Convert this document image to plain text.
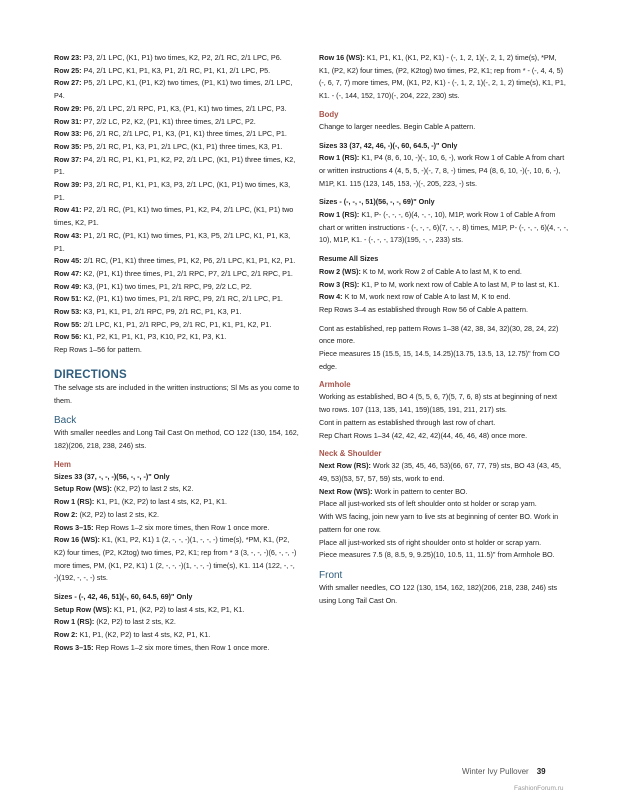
Row 23: P3, 2/1 LPC, (K1, P1) two times, K2, P2, 2/1 RC, 2/1 LPC, P6.

Row 25: P4, 2/1 LPC, K1, P1, K3, P1, 2/1 RC, P1, K1, 2/1 LPC, P5.

Row 27: P5, 2/1 LPC, K1, (P1, K2) two times, (P1, K1) two times, 2/1 LPC, P4.

Row 29: P6, 2/1 LPC, 2/1 RPC, P1, K3, (P1, K1) two times, 2/1 LPC, P3.

Row 31: P7, 2/2 LC, P2, K2, (P1, K1) three times, 2/1 LPC, P2.

Row 33: P6, 2/1 RC, 2/1 LPC, P1, K3, (P1, K1) three times, 2/1 LPC, P1.

Row 35: P5, 2/1 RC, P1, K3, P1, 2/1 LPC, (K1, P1) three times, K3, P1.

Row 37: P4, 2/1 RC, P1, K1, P1, K2, P2, 2/1 LPC, (K1, P1) three times, K2, P1.

Row 39: P3, 2/1 RC, P1, K1, P1, K3, P3, 2/1 LPC, (K1, P1) two times, K3, P1.

Row 41: P2, 2/1 RC, (P1, K1) two times, P1, K2, P4, 2/1 LPC, (K1, P1) two times, K2, P1.

Row 43: P1, 2/1 RC, (P1, K1) two times, P1, K3, P5, 2/1 LPC, K1, P1, K3, P1.

Row 45: 2/1 RC, (P1, K1) three times, P1, K2, P6, 2/1 LPC, K1, P1, K2, P1.

Row 47: K2, (P1, K1) three times, P1, 2/1 RPC, P7, 2/1 LPC, 2/1 RPC, P1.

Row 49: K3, (P1, K1) two times, P1, 2/1 RPC, P9, 2/2 LC, P2.

Row 51: K2, (P1, K1) two times, P1, 2/1 RPC, P9, 2/1 RC, 2/1 LPC, P1.

Row 53: K3, P1, K1, P1, 2/1 RPC, P9, 2/1 RC, P1, K3, P1.

Row 55: 2/1 LPC, K1, P1, 2/1 RPC, P9, 2/1 RC, P1, K1, P1, K2, P1.

Row 56: K1, P2, K1, P1, K1, P3, K10, P2, K1, P3, K1.

Rep Rows 1–56 for pattern.

DIRECTIONS

The selvage sts are included in the written instructions; Sl Ms as you come to them.

Back

With smaller needles and Long Tail Cast On method, CO 122 (130, 154, 162, 182)(206, 218, 238, 246) sts.

Hem
Sizes 33 (37, -, -, -)(56, -, -, -)" Only

Setup Row (WS): (K2, P2) to last 2 sts, K2.

Row 1 (RS): K1, P1, (K2, P2) to last 4 sts, K2, P1, K1.

Row 2: (K2, P2) to last 2 sts, K2.

Rows 3–15: Rep Rows 1–2 six more times, then Row 1 once more.

Row 16 (WS): K1, (K1, P2, K1) 1 (2, -, -, -)(1, -, -, -) time(s), *PM, K1, (P2, K2) four times, (P2, K2tog) two times, P2, K1; rep from * 3 (3, -, -, -)(6, -, -, -) more times, PM, (K1, P2, K1) 1 (2, -, -, -)(1, -, -, -) time(s), K1. 114 (122, -, -, -)(192, -, -, -) sts.

Sizes - (-, 42, 46, 51)(-, 60, 64.5, 69)" Only

Setup Row (WS): K1, P1, (K2, P2) to last 4 sts, K2, P1, K1.

Row 1 (RS): (K2, P2) to last 2 sts, K2.

Row 2: K1, P1, (K2, P2) to last 4 sts, K2, P1, K1.

Rows 3–15: Rep Rows 1–2 six more times, then Row 1 once more.

Row 16 (WS): K1, P1, K1, (K1, P2, K1) - (-, 1, 2, 1)(-, 2, 1, 2) time(s), *PM, K1, (P2, K2) four times, (P2, K2tog) two times, P2, K1; rep from * - (-, 4, 4, 5)(-, 6, 7, 7) more times, PM, (K1, P2, K1) - (-, 1, 2, 1)(-, 2, 1, 2) time(s), K1, P1, K1. - (-, 144, 152, 170)(-, 204, 222, 230) sts.

Body

Change to larger needles. Begin Cable A pattern.

Sizes 33 (37, 42, 46, -)(-, 60, 64.5, -)" Only

Row 1 (RS): K1, P4 (8, 6, 10, -)(-, 10, 6, -), work Row 1 of Cable A from chart or written instructions 4 (4, 5, 5, -)(-, 7, 8, -) times, P4 (8, 6, 10, -)(-, 10, 6, -), M1P, K1. 115 (123, 145, 153, -)(-, 205, 223, -) sts.

Sizes - (-, -, -, 51)(56, -, -, 69)" Only

Row 1 (RS): K1, P- (-, -, -, 6)(4, -, -, 10), M1P, work Row 1 of Cable A from chart or written instructions - (-, -, -, 6)(7, -, -, 8) times, M1P, P- (-, -, -, 6)(4, -, -, 10), M1P, K1. - (-, -, -, 173)(195, -, -, 233) sts.

Resume All Sizes

Row 2 (WS): K to M, work Row 2 of Cable A to last M, K to end.

Row 3 (RS): K1, P to M, work next row of Cable A to last M, P to last st, K1.

Row 4: K to M, work next row of Cable A to last M, K to end.

Rep Rows 3–4 as established through Row 56 of Cable A pattern.

Cont as established, rep pattern Rows 1–38 (42, 38, 34, 32)(30, 28, 24, 22) once more.

Piece measures 15 (15.5, 15, 14.5, 14.25)(13.75, 13.5, 13, 12.75)" from CO edge.

Armhole

Working as established, BO 4 (5, 5, 6, 7)(5, 7, 6, 8) sts at beginning of next two rows. 107 (113, 135, 141, 159)(185, 191, 211, 217) sts.

Cont in pattern as established through last row of chart.

Rep Chart Rows 1–34 (42, 42, 42, 42)(44, 46, 46, 48) once more.

Neck & Shoulder

Next Row (RS): Work 32 (35, 45, 46, 53)(66, 67, 77, 79) sts, BO 43 (43, 45, 49, 53)(53, 57, 57, 59) sts, work to end.

Next Row (WS): Work in pattern to center BO.

Place all just-worked sts of left shoulder onto st holder or scrap yarn.

With WS facing, join new yarn to live sts at beginning of center BO. Work in pattern for one row.

Place all just-worked sts of right shoulder onto st holder or scrap yarn.

Piece measures 7.5 (8, 8.5, 9, 9.25)(10, 10.5, 11, 11.5)" from Armhole BO.

Front

With smaller needles, CO 122 (130, 154, 162, 182)(206, 218, 238, 246) sts using Long Tail Cast On.

Winter Ivy Pullover 39
FashionForum.ru
